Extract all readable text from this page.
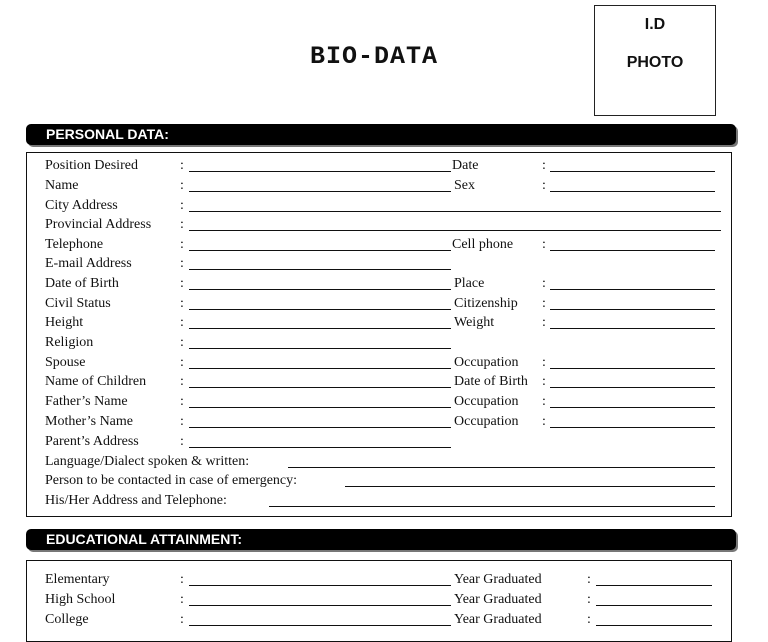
BIO-DATA
I.D
PHOTO
PERSONAL DATA:
Position Desired	:	Date	:
Name	:	Sex	:
City Address	:
Provincial Address :
Telephone	:	Cell phone :
E-mail Address	:
Date of Birth	:	Place	:
Civil Status	:	Citizenship :
Height	:	Weight	:
Religion	:
Spouse	:	Occupation :
Name of Children :	Date of Birth :
Father’s Name	:	Occupation :
Mother’s Name	:	Occupation :
Parent’s Address	:
Language/Dialect spoken & written:
Person to be contacted in case of emergency:
His/Her Address and Telephone:
EDUCATIONAL ATTAINMENT:
Elementary	:	Year Graduated	:
High School	:	Year Graduated	:
College	:	Year Graduated	:
